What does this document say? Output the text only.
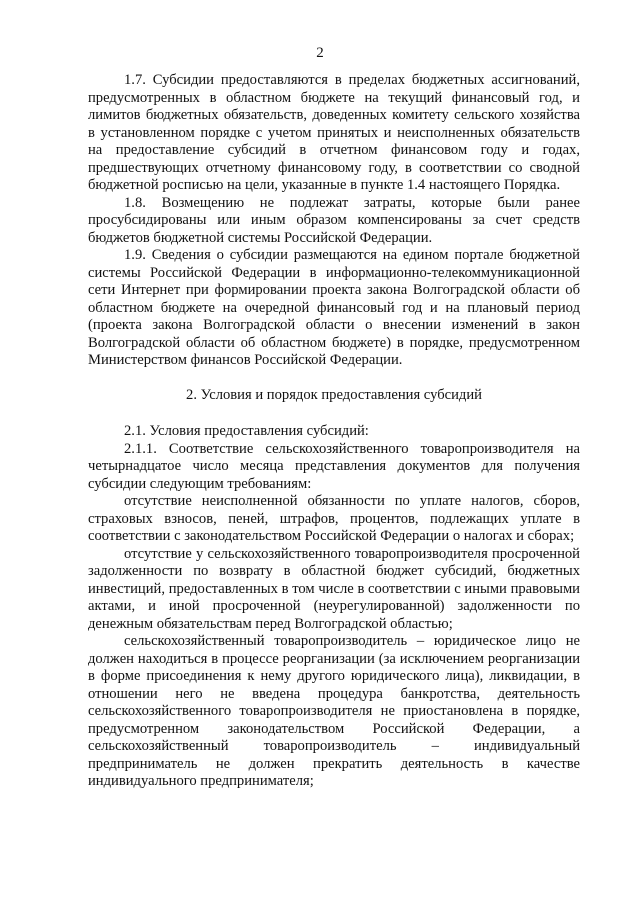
2

1.7. Субсидии предоставляются в пределах бюджетных ассигнований, предусмотренных в областном бюджете на текущий финансовый год, и лимитов бюджетных обязательств, доведенных комитету сельского хозяйства в установленном порядке с учетом принятых и неисполненных обязательств на предоставление субсидий в отчетном финансовом году и годах, предшествующих отчетному финансовому году, в соответствии со сводной бюджетной росписью на цели, указанные в пункте 1.4 настоящего Порядка.

1.8. Возмещению не подлежат затраты, которые были ранее просубсидированы или иным образом компенсированы за счет средств бюджетов бюджетной системы Российской Федерации.

1.9. Сведения о субсидии размещаются на едином портале бюджетной системы Российской Федерации в информационно-телекоммуникационной сети Интернет при формировании проекта закона Волгоградской области об областном бюджете на очередной финансовый год и на плановый период (проекта закона Волгоградской области о внесении изменений в закон Волгоградской области об областном бюджете) в порядке, предусмотренном Министерством финансов Российской Федерации.

2. Условия и порядок предоставления субсидий

2.1. Условия предоставления субсидий:

2.1.1. Соответствие сельскохозяйственного товаропроизводителя на четырнадцатое число месяца представления документов для получения субсидии следующим требованиям:

отсутствие неисполненной обязанности по уплате налогов, сборов, страховых взносов, пеней, штрафов, процентов, подлежащих уплате в соответствии с законодательством Российской Федерации о налогах и сборах;

отсутствие у сельскохозяйственного товаропроизводителя просроченной задолженности по возврату в областной бюджет субсидий, бюджетных инвестиций, предоставленных в том числе в соответствии с иными правовыми актами, и иной просроченной (неурегулированной) задолженности по денежным обязательствам перед Волгоградской областью;

сельскохозяйственный товаропроизводитель – юридическое лицо не должен находиться в процессе реорганизации (за исключением реорганизации в форме присоединения к нему другого юридического лица), ликвидации, в отношении него не введена процедура банкротства, деятельность сельскохозяйственного товаропроизводителя не приостановлена в порядке, предусмотренном законодательством Российской Федерации, а сельскохозяйственный товаропроизводитель – индивидуальный предприниматель не должен прекратить деятельность в качестве индивидуального предпринимателя;
